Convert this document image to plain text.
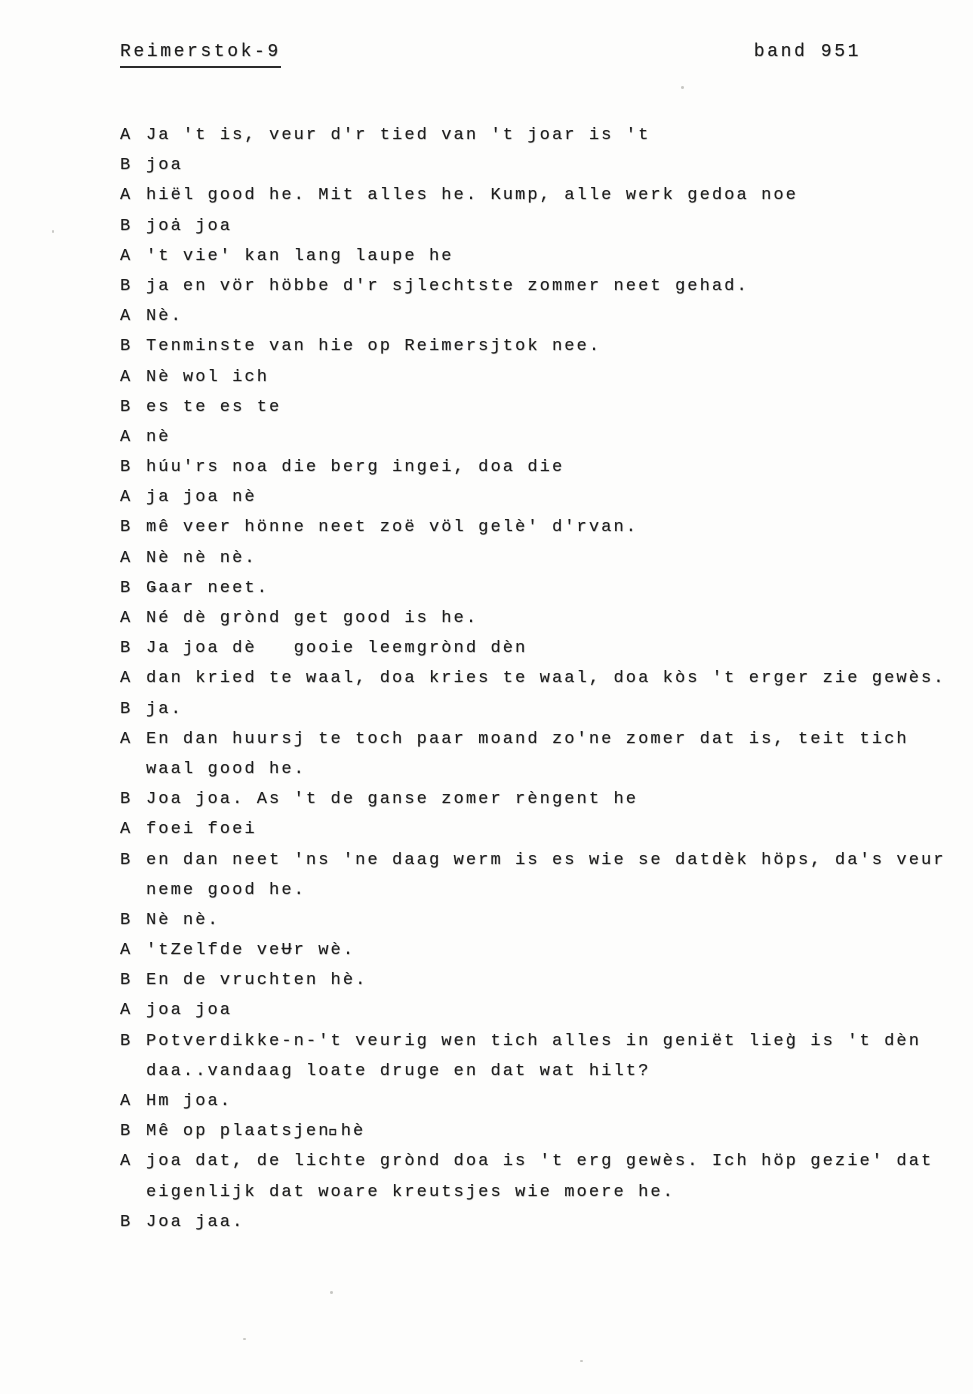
Reimerstok-9	band 951
A Ja 't is, veur d'r tied van 't joar is 't
B joa
A hiël good he. Mit alles he. Kump, alle werk gedoa noe
B joȧ joa
A 't vie' kan lang laupe he
B ja en vör höbbe d'r sjlechtste zommer neet gehad.
A Nè.
B Tenminste van hie op Reimersjtok nee.
A Nè wol ich
B es te es te
A nè
B húu'rs noa die berg ingei, doa die
A ja joa nè
B mê veer hönne neet zoë völ gelè' d'rvan.
A Nè nè nè.
B Ǥaar neet.
A Né dè grònd get good is he.
B Ja joa dè   gooie leemgrònd dèn
A dan kried te waal, doa kries te waal, doa kòs 't erger zie gewès.
B ja.
A En dan huursj te toch paar moand zo'ne zomer dat is, teit tich
waal good he.
B Joa joa. As 't de ganse zomer rèngent he
A foei foei
B en dan neet 'ns 'ne daag werm is es wie se datdèk höps, da's veur
neme good he.
B Nè nè.
A 'tZelfde veɄr wè.
B En de vruchten hè.
A joa joa
B Potverdikke-n-'t veurig wen tich alles in geniët lieg̀ is 't dèn
daa..vandaag loate druge en dat wat hilt?
A Hm joa.
B Mê op plaatsjen⃒hè
A joa dat, de lichte grònd doa is 't erg gewès. Ich höp gezie' dat
eigenlijk dat woare kreutsjes wie moere he.
B Joa jaa.
